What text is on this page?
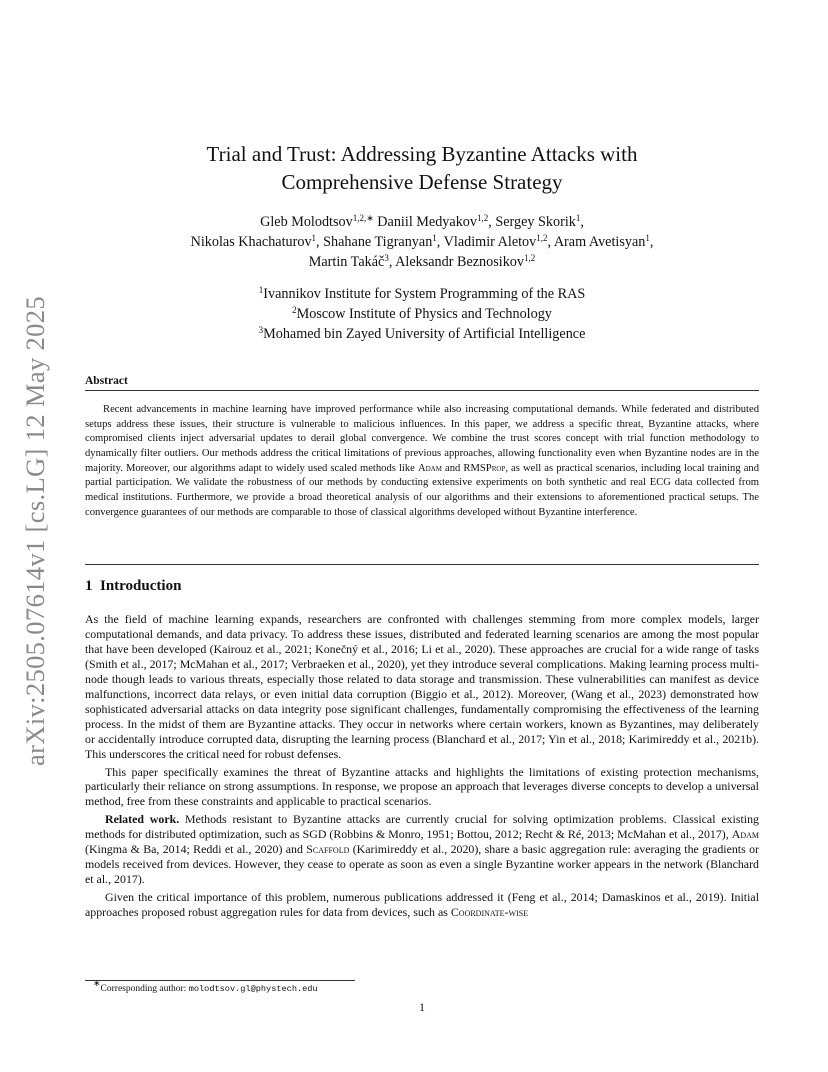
arXiv:2505.07614v1 [cs.LG] 12 May 2025
Trial and Trust: Addressing Byzantine Attacks with
Comprehensive Defense Strategy
Gleb Molodtsov$^{1,2,∗}$ Daniil Medyakov$^{1,2}$, Sergey Skorik$^1$,
Nikolas Khachaturov$^1$, Shahane Tigranyan$^1$, Vladimir Aletov$^{1,2}$, Aram Avetisyan$^1$,
Martin Takáč$^3$, Aleksandr Beznosikov$^{1,2}$
$^1$Ivannikov Institute for System Programming of the RAS
$^2$Moscow Institute of Physics and Technology
$^3$Mohamed bin Zayed University of Artificial Intelligence
Abstract
Recent advancements in machine learning have improved performance while also increasing computational demands. While federated and distributed setups address these issues, their structure is vulnerable to malicious influences. In this paper, we address a specific threat, Byzantine attacks, where compromised clients inject adversarial updates to derail global convergence. We combine the trust scores concept with trial function methodology to dynamically filter outliers. Our methods address the critical limitations of previous approaches, allowing functionality even when Byzantine nodes are in the majority. Moreover, our algorithms adapt to widely used scaled methods like Adam and RMSProp, as well as practical scenarios, including local training and partial participation. We validate the robustness of our methods by conducting extensive experiments on both synthetic and real ECG data collected from medical institutions. Furthermore, we provide a broad theoretical analysis of our algorithms and their extensions to aforementioned practical setups. The convergence guarantees of our methods are comparable to those of classical algorithms developed without Byzantine interference.
1 Introduction

As the field of machine learning expands, researchers are confronted with challenges stemming from more complex models, larger computational demands, and data privacy. To address these issues, distributed and federated learning scenarios are among the most popular that have been developed (Kairouz et al., 2021; Konečný et al., 2016; Li et al., 2020). These approaches are crucial for a wide range of tasks (Smith et al., 2017; McMahan et al., 2017; Verbraeken et al., 2020), yet they introduce several complications. Making learning process multi-node though leads to various threats, especially those related to data storage and transmission. These vulnerabilities can manifest as device malfunctions, incorrect data relays, or even initial data corruption (Biggio et al., 2012). Moreover, (Wang et al., 2023) demonstrated how sophisticated adversarial attacks on data integrity pose significant challenges, fundamentally compromising the effectiveness of the learning process. In the midst of them are Byzantine attacks. They occur in networks where certain workers, known as Byzantines, may deliberately or accidentally introduce corrupted data, disrupting the learning process (Blanchard et al., 2017; Yin et al., 2018; Karimireddy et al., 2021b). This underscores the critical need for robust defenses.

This paper specifically examines the threat of Byzantine attacks and highlights the limitations of existing protection mechanisms, particularly their reliance on strong assumptions. In response, we propose an approach that leverages diverse concepts to develop a universal method, free from these constraints and applicable to practical scenarios.

Related work. Methods resistant to Byzantine attacks are currently crucial for solving optimization problems. Classical existing methods for distributed optimization, such as SGD (Robbins & Monro, 1951; Bottou, 2012; Recht & Ré, 2013; McMahan et al., 2017), Adam (Kingma & Ba, 2014; Reddi et al., 2020) and Scaffold (Karimireddy et al., 2020), share a basic aggregation rule: averaging the gradients or models received from devices. However, they cease to operate as soon as even a single Byzantine worker appears in the network (Blanchard et al., 2017).

Given the critical importance of this problem, numerous publications addressed it (Feng et al., 2014; Damaskinos et al., 2019). Initial approaches proposed robust aggregation rules for data from devices, such as Coordinate-wise

∗Corresponding author: molodtsov.gl@phystech.edu
1
